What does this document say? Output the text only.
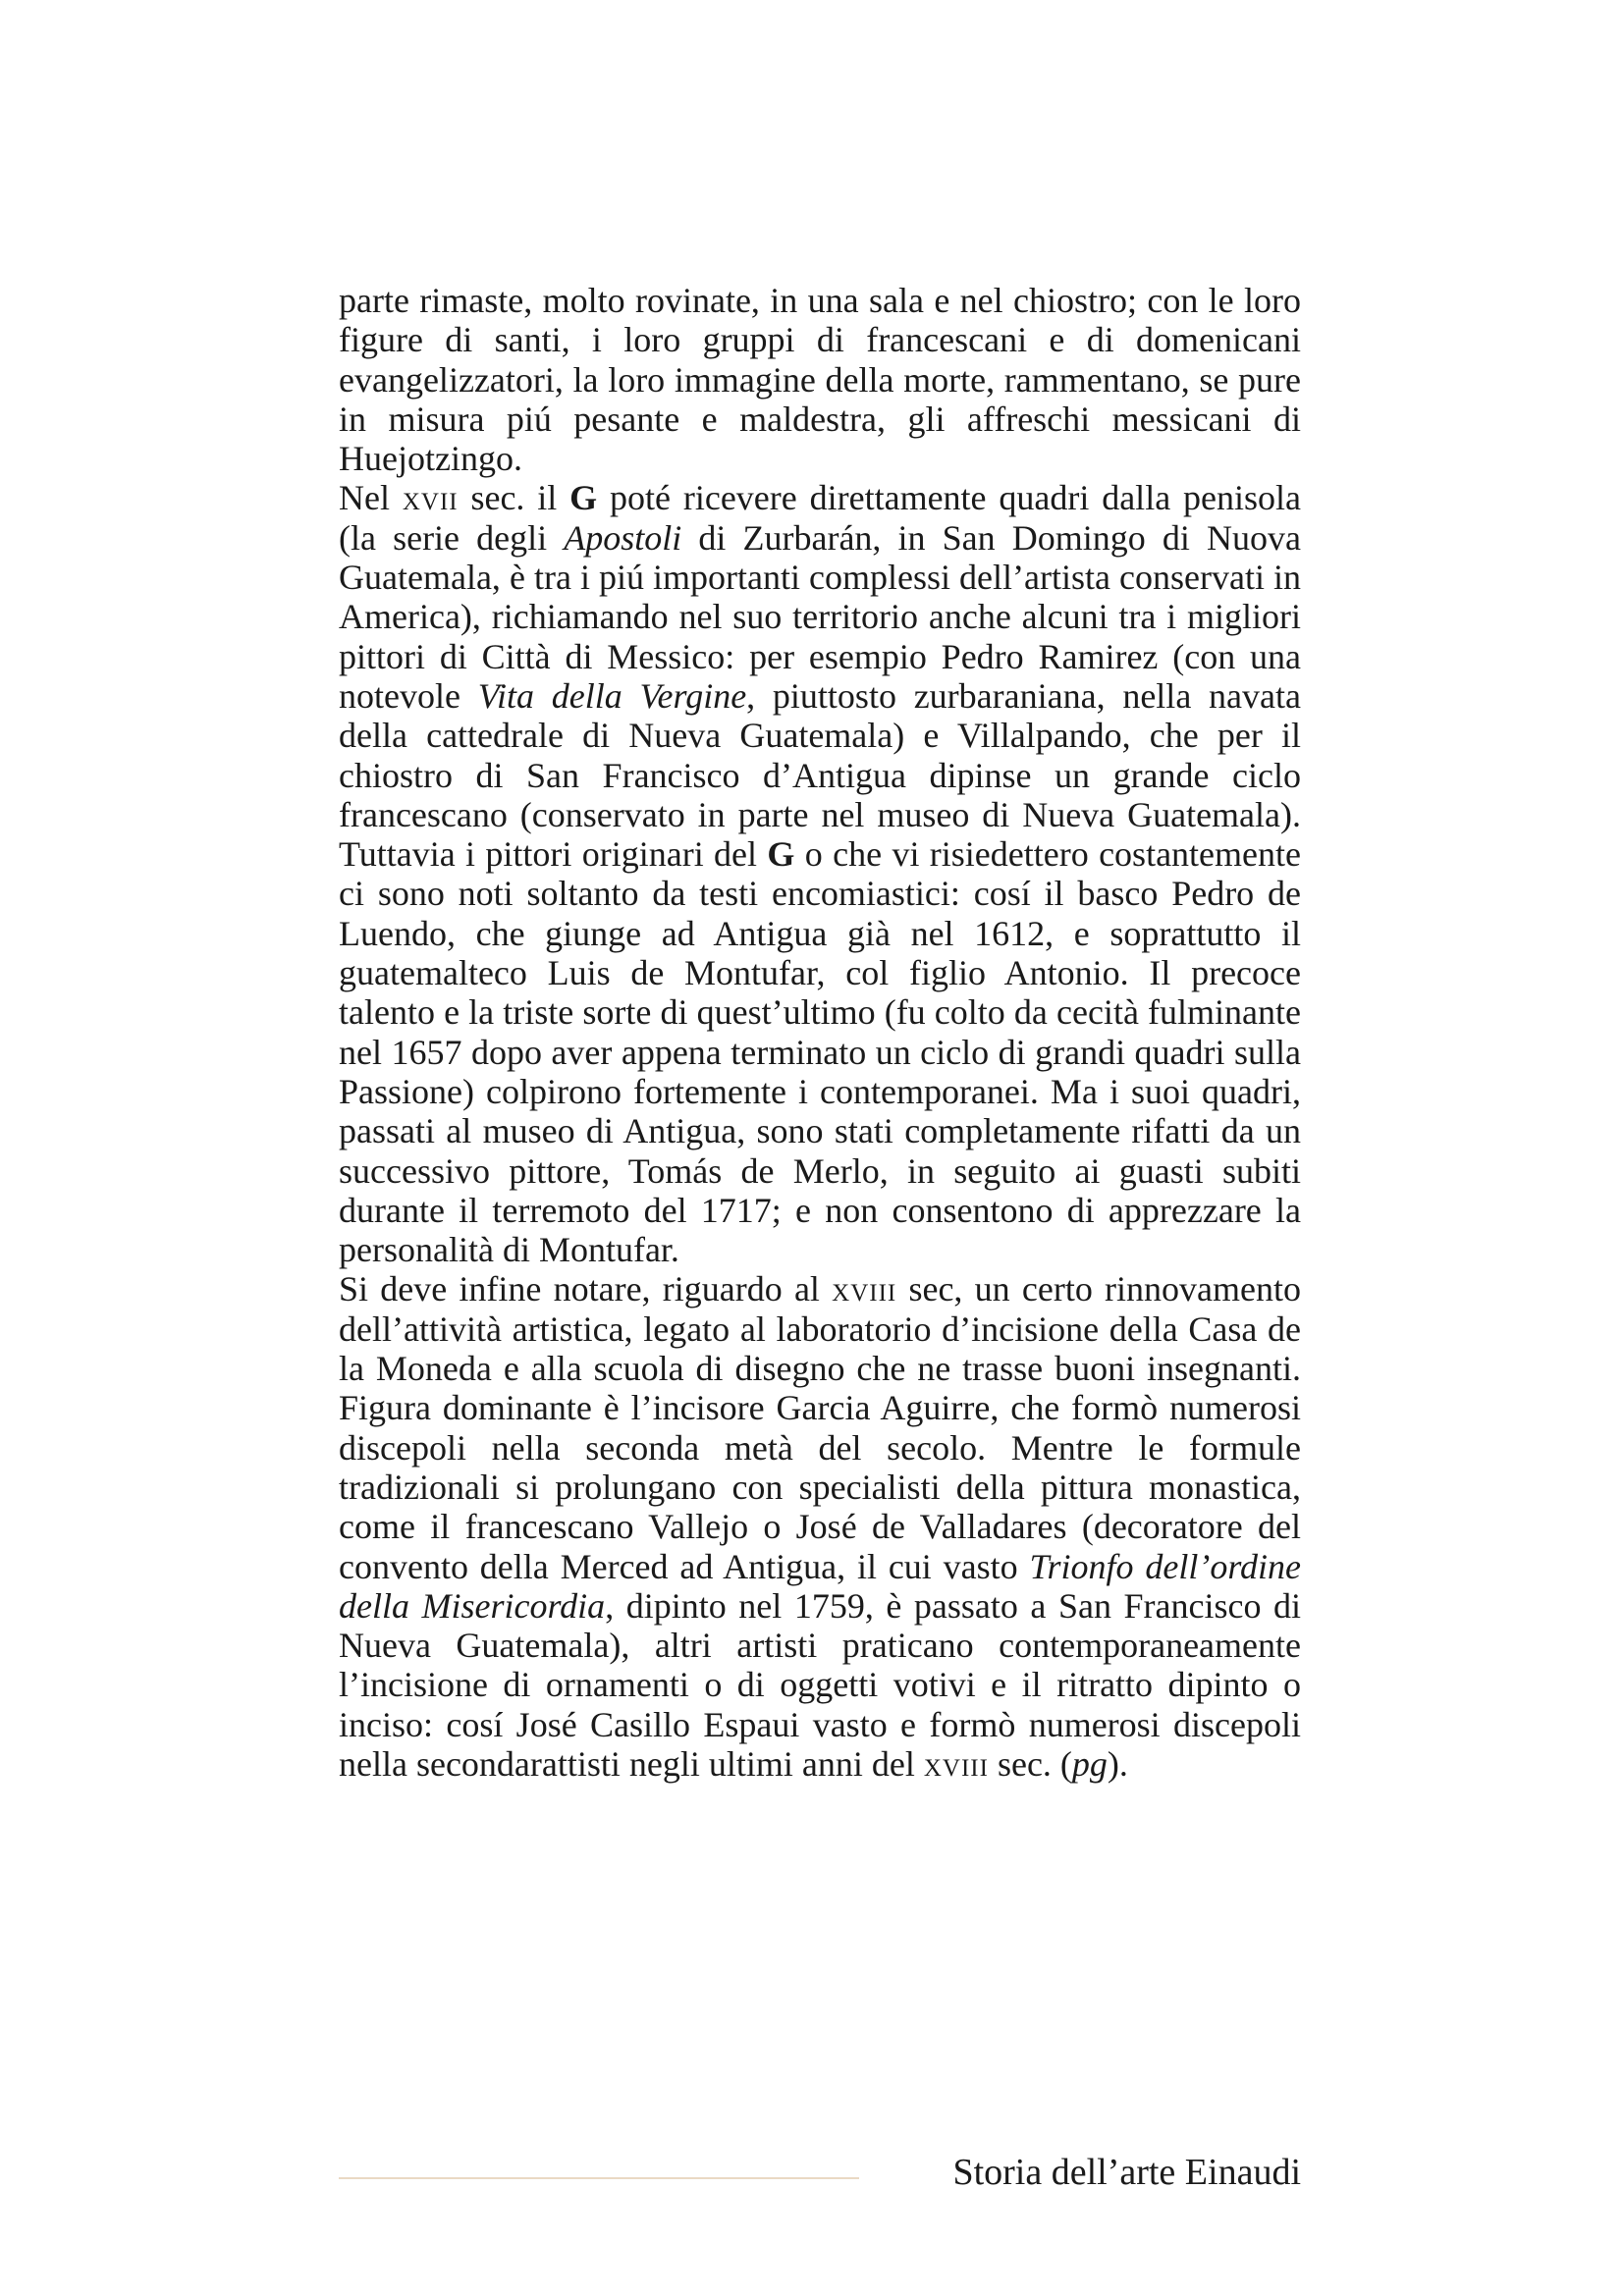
parte rimaste, molto rovinate, in una sala e nel chiostro; con le loro figure di santi, i loro gruppi di francescani e di domenicani evangelizzatori, la loro immagine della morte, rammentano, se pure in misura piú pesante e maldestra, gli affreschi messicani di Huejotzingo.

Nel xvii sec. il G poté ricevere direttamente quadri dalla penisola (la serie degli Apostoli di Zurbarán, in San Domingo di Nuova Guatemala, è tra i piú importanti complessi dell’artista conservati in America), richiamando nel suo territorio anche alcuni tra i migliori pittori di Città di Messico: per esempio Pedro Ramirez (con una notevole Vita della Vergine, piuttosto zurbaraniana, nella navata della cattedrale di Nueva Guatemala) e Villalpando, che per il chiostro di San Francisco d’Antigua dipinse un grande ciclo francescano (conservato in parte nel museo di Nueva Guatemala). Tuttavia i pittori originari del G o che vi risiedettero costantemente ci sono noti soltanto da testi encomiastici: cosí il basco Pedro de Luendo, che giunge ad Antigua già nel 1612, e soprattutto il guatemalteco Luis de Montufar, col figlio Antonio. Il precoce talento e la triste sorte di quest’ultimo (fu colto da cecità fulminante nel 1657 dopo aver appena terminato un ciclo di grandi quadri sulla Passione) colpirono fortemente i contemporanei. Ma i suoi quadri, passati al museo di Antigua, sono stati completamente rifatti da un successivo pittore, Tomás de Merlo, in seguito ai guasti subiti durante il terremoto del 1717; e non consentono di apprezzare la personalità di Montufar.

Si deve infine notare, riguardo al xviii sec, un certo rinnovamento dell’attività artistica, legato al laboratorio d’incisione della Casa de la Moneda e alla scuola di disegno che ne trasse buoni insegnanti. Figura dominante è l’incisore Garcia Aguirre, che formò numerosi discepoli nella seconda metà del secolo. Mentre le formule tradizionali si prolungano con specialisti della pittura monastica, come il francescano Vallejo o José de Valladares (decoratore del convento della Merced ad Antigua, il cui vasto Trionfo dell’ordine della Misericordia, dipinto nel 1759, è passato a San Francisco di Nueva Guatemala), altri artisti praticano contemporaneamente l’incisione di ornamenti o di oggetti votivi e il ritratto dipinto o inciso: cosí José Casillo Espaui vasto e formò numerosi discepoli nella secondarattisti negli ultimi anni del xviii sec. (pg).

Storia dell’arte Einaudi
